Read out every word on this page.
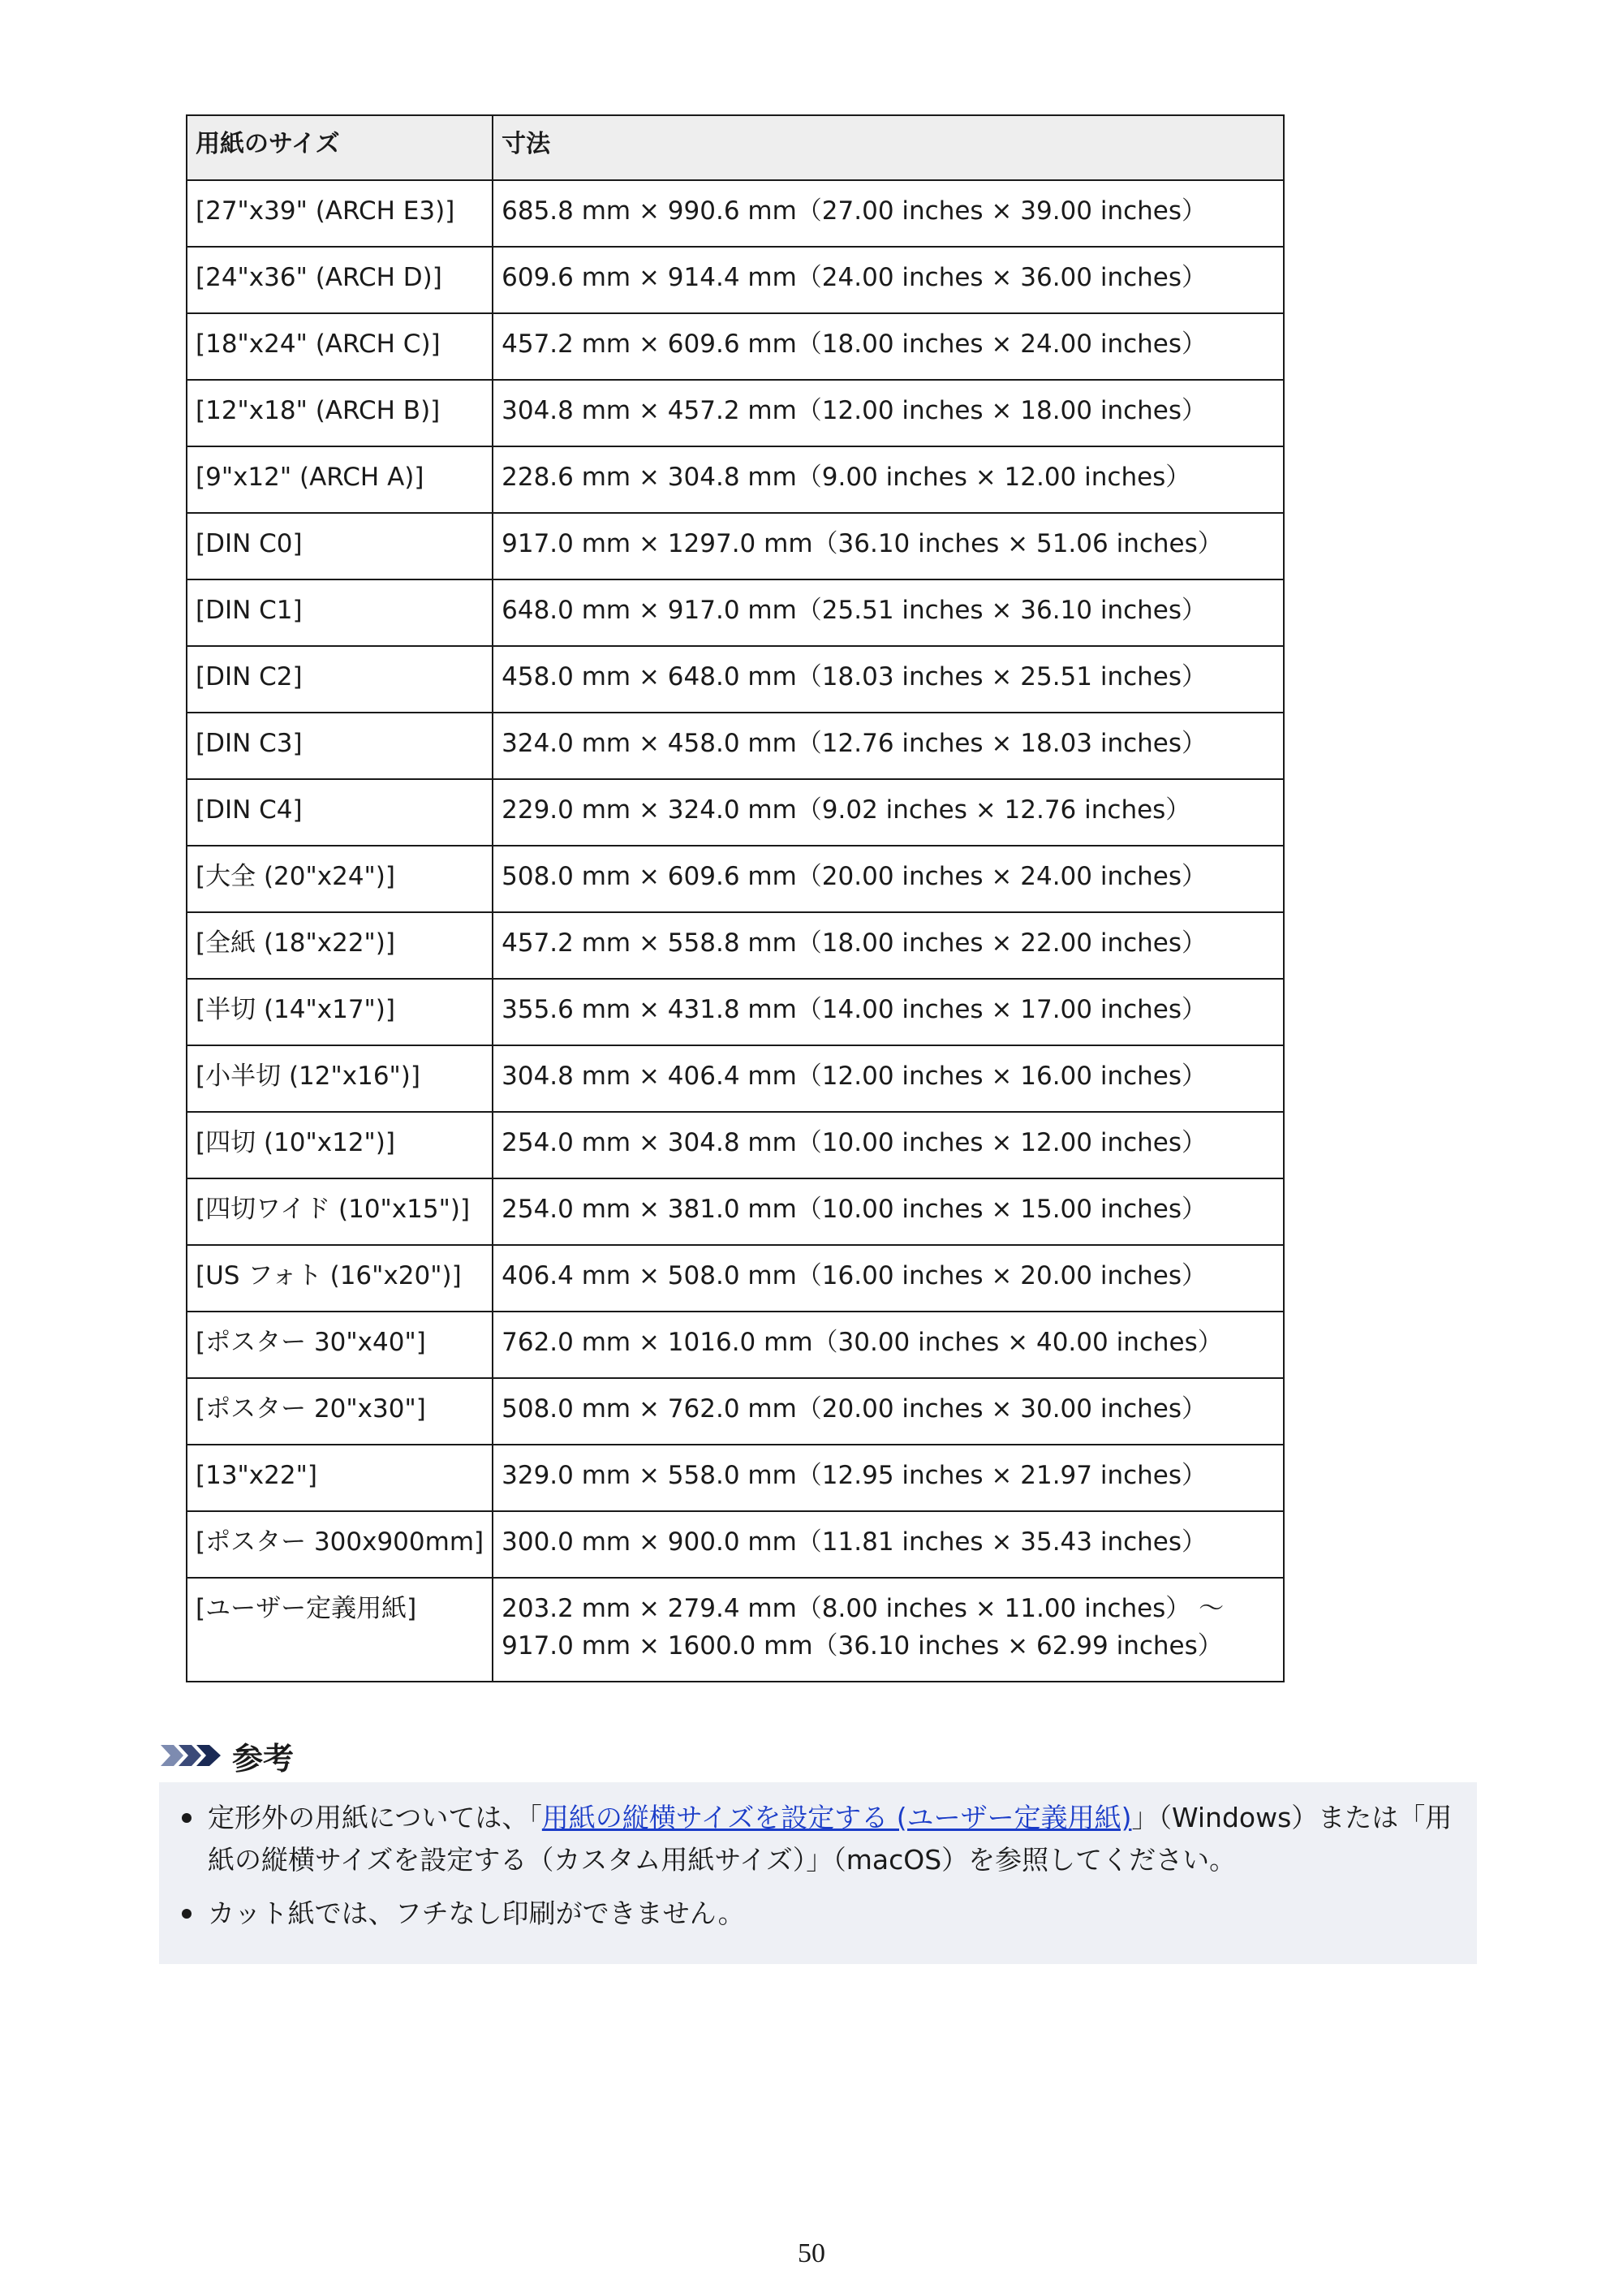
用紙のサイズ	寸法
[27"x39" (ARCH E3)]	685.8 mm × 990.6 mm（27.00 inches × 39.00 inches）
[24"x36" (ARCH D)]	609.6 mm × 914.4 mm（24.00 inches × 36.00 inches）
[18"x24" (ARCH C)]	457.2 mm × 609.6 mm（18.00 inches × 24.00 inches）
[12"x18" (ARCH B)]	304.8 mm × 457.2 mm（12.00 inches × 18.00 inches）
[9"x12" (ARCH A)]	228.6 mm × 304.8 mm（9.00 inches × 12.00 inches）
[DIN C0]	917.0 mm × 1297.0 mm（36.10 inches × 51.06 inches）
[DIN C1]	648.0 mm × 917.0 mm（25.51 inches × 36.10 inches）
[DIN C2]	458.0 mm × 648.0 mm（18.03 inches × 25.51 inches）
[DIN C3]	324.0 mm × 458.0 mm（12.76 inches × 18.03 inches）
[DIN C4]	229.0 mm × 324.0 mm（9.02 inches × 12.76 inches）
[大全 (20"x24")]	508.0 mm × 609.6 mm（20.00 inches × 24.00 inches）
[全紙 (18"x22")]	457.2 mm × 558.8 mm（18.00 inches × 22.00 inches）
[半切 (14"x17")]	355.6 mm × 431.8 mm（14.00 inches × 17.00 inches）
[小半切 (12"x16")]	304.8 mm × 406.4 mm（12.00 inches × 16.00 inches）
[四切 (10"x12")]	254.0 mm × 304.8 mm（10.00 inches × 12.00 inches）
[四切ワイド (10"x15")]	254.0 mm × 381.0 mm（10.00 inches × 15.00 inches）
[US フォト (16"x20")]	406.4 mm × 508.0 mm（16.00 inches × 20.00 inches）
[ポスター 30"x40"]	762.0 mm × 1016.0 mm（30.00 inches × 40.00 inches）
[ポスター 20"x30"]	508.0 mm × 762.0 mm（20.00 inches × 30.00 inches）
[13"x22"]	329.0 mm × 558.0 mm（12.95 inches × 21.97 inches）
[ポスター 300x900mm]	300.0 mm × 900.0 mm（11.81 inches × 35.43 inches）
[ユーザー定義用紙]	203.2 mm × 279.4 mm（8.00 inches × 11.00 inches） ～ 917.0 mm × 1600.0 mm（36.10 inches × 62.99 inches）
参考
定形外の用紙については、「用紙の縦横サイズを設定する (ユーザー定義用紙)」（Windows）または「用紙の縦横サイズを設定する（カスタム用紙サイズ）」（macOS）を参照してください。
カット紙では、フチなし印刷ができません。
50
